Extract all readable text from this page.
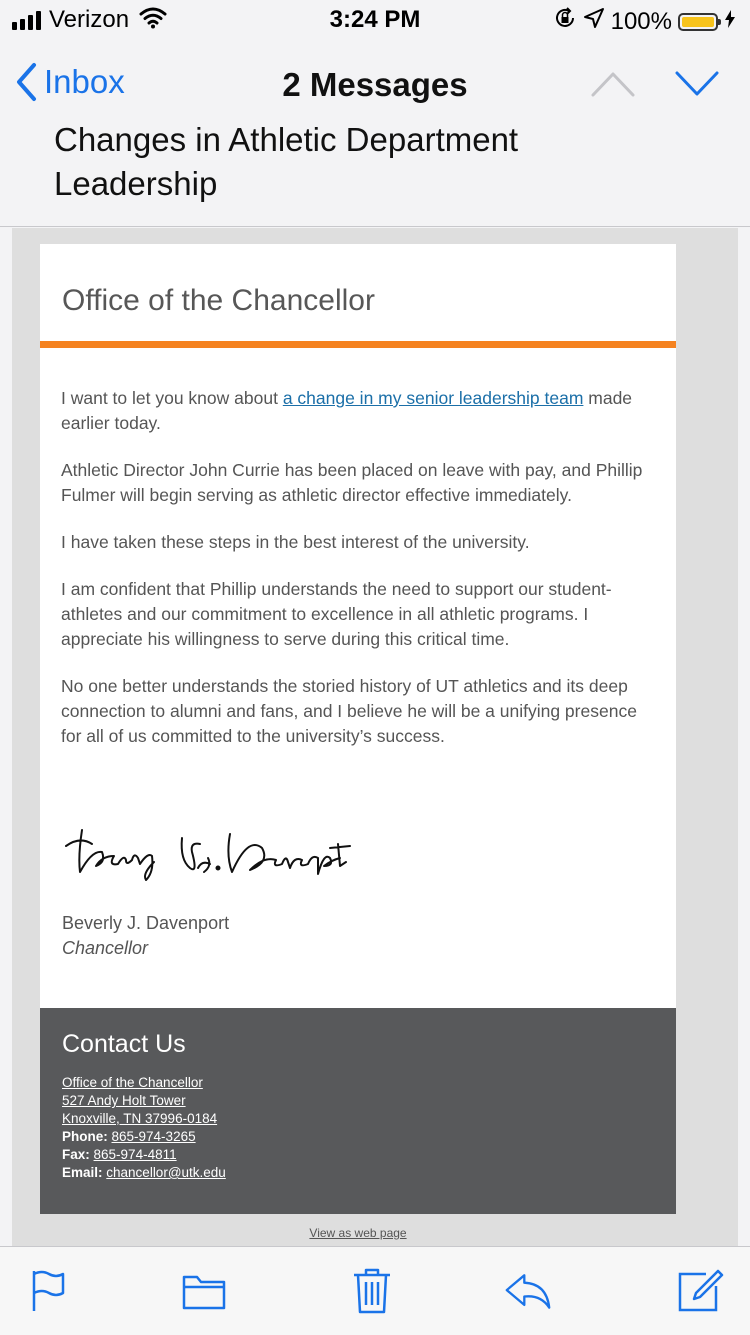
Verizon	3:24 PM	100%
Inbox	2 Messages
Changes in Athletic Department Leadership
Office of the Chancellor

I want to let you know about a change in my senior leadership team made earlier today.

Athletic Director John Currie has been placed on leave with pay, and Phillip Fulmer will begin serving as athletic director effective immediately.

I have taken these steps in the best interest of the university.

I am confident that Phillip understands the need to support our student-athletes and our commitment to excellence in all athletic programs. I appreciate his willingness to serve during this critical time.

No one better understands the storied history of UT athletics and its deep connection to alumni and fans, and I believe he will be a unifying presence for all of us committed to the university’s success.

Beverly J. Davenport
Chancellor
Contact Us
Office of the Chancellor
527 Andy Holt Tower
Knoxville, TN 37996-0184
Phone: 865-974-3265
Fax: 865-974-4811
Email: chancellor@utk.edu
View as web page
